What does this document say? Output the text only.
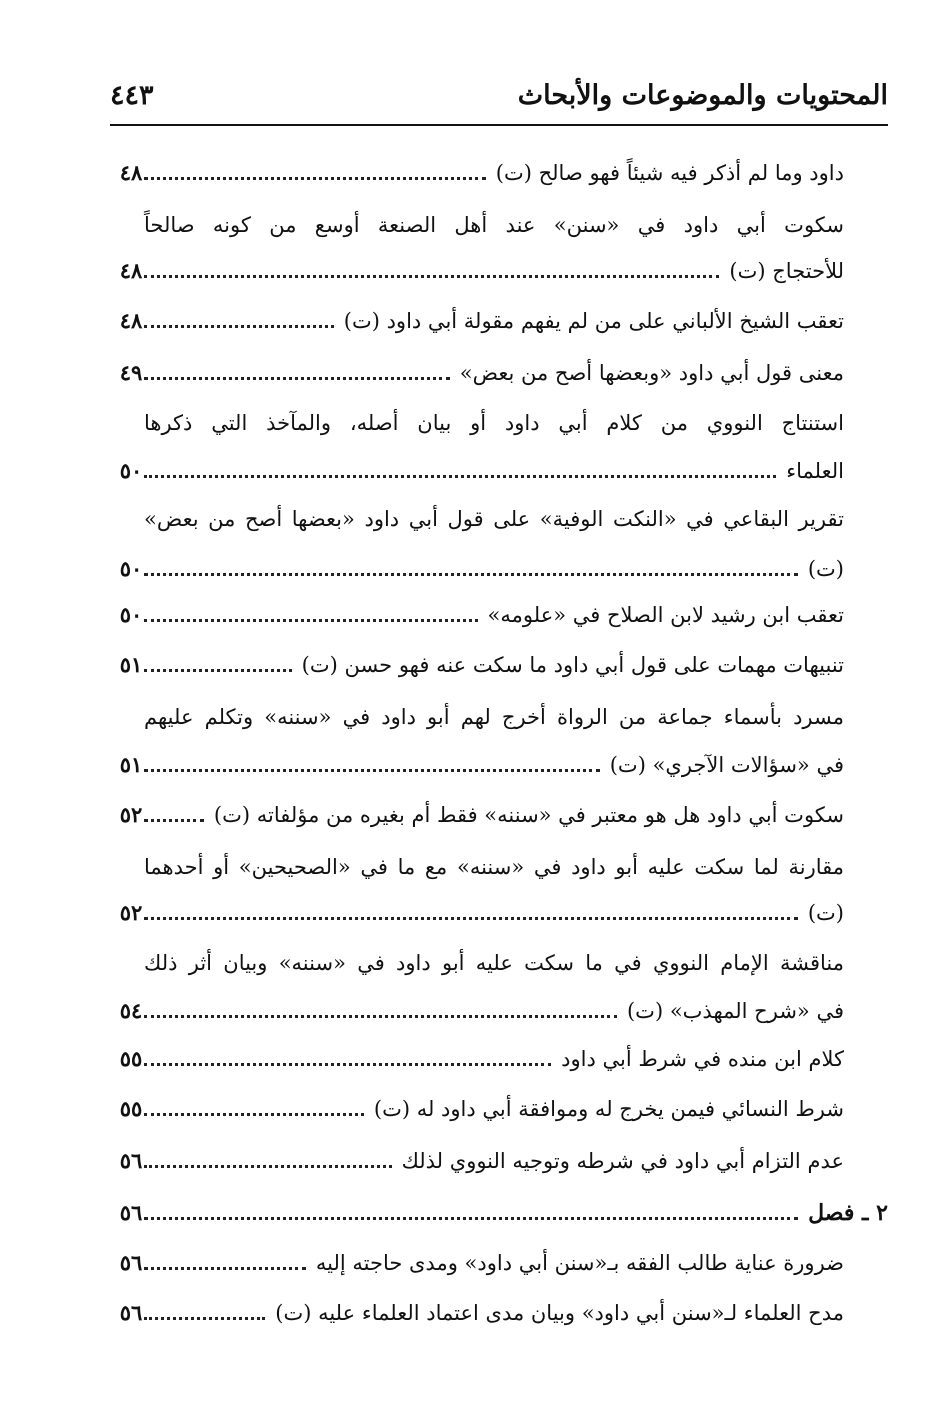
المحتويات والموضوعات والأبحاث
٤٤٣
داود وما لم أذكر فيه شيئاً فهو صالح (ت)
٤٨
سكوت أبي داود في «سنن» عند أهل الصنعة أوسع من كونه صالحاً
للأحتجاج (ت)
٤٨
تعقب الشيخ الألباني على من لم يفهم مقولة أبي داود (ت)
٤٨
معنى قول أبي داود «وبعضها أصح من بعض»
٤٩
استنتاج النووي من كلام أبي داود أو بيان أصله، والمآخذ التي ذكرها
العلماء
٥٠
تقرير البقاعي في «النكت الوفية» على قول أبي داود «بعضها أصح من بعض»
(ت)
٥٠
تعقب ابن رشيد لابن الصلاح في «علومه»
٥٠
تنبيهات مهمات على قول أبي داود ما سكت عنه فهو حسن (ت)
٥١
مسرد بأسماء جماعة من الرواة أخرج لهم أبو داود في «سننه» وتكلم عليهم
في «سؤالات الآجري» (ت)
٥١
سكوت أبي داود هل هو معتبر في «سننه» فقط أم بغيره من مؤلفاته (ت)
٥٢
مقارنة لما سكت عليه أبو داود في «سننه» مع ما في «الصحيحين» أو أحدهما
(ت)
٥٢
مناقشة الإمام النووي في ما سكت عليه أبو داود في «سننه» وبيان أثر ذلك
في «شرح المهذب» (ت)
٥٤
كلام ابن منده في شرط أبي داود
٥٥
شرط النسائي فيمن يخرج له وموافقة أبي داود له (ت)
٥٥
عدم التزام أبي داود في شرطه وتوجيه النووي لذلك
٥٦
٢ ـ فصل
٥٦
ضرورة عناية طالب الفقه بـ«سنن أبي داود» ومدى حاجته إليه
٥٦
مدح العلماء لـ«سنن أبي داود» وبيان مدى اعتماد العلماء عليه (ت)
٥٦
